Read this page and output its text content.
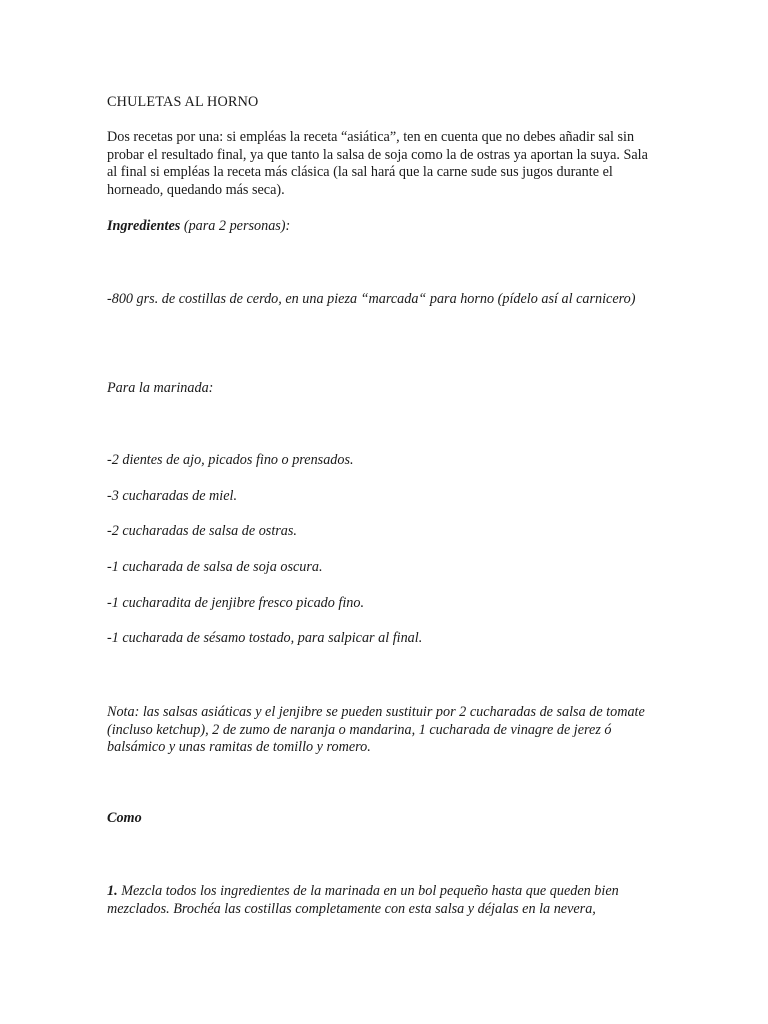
CHULETAS AL HORNO

Dos recetas por una: si empléas la receta “asiática”, ten en cuenta que no debes añadir sal sin probar el resultado final, ya que tanto la salsa de soja como la de ostras ya aportan la suya. Sala al final si empléas la receta más clásica (la sal hará que la carne sude sus jugos durante el horneado, quedando más seca).

Ingredientes (para 2 personas):

-800 grs. de costillas de cerdo, en una pieza “marcada“ para horno (pídelo así al carnicero)

Para la marinada:

-2 dientes de ajo, picados fino o prensados.
-3 cucharadas de miel.
-2 cucharadas de salsa de ostras.
-1 cucharada de salsa de soja oscura.
-1 cucharadita de jenjibre fresco picado fino.
-1 cucharada de sésamo tostado, para salpicar al final.

Nota: las salsas asiáticas y el jenjibre se pueden sustituir por 2 cucharadas de salsa de tomate (incluso ketchup), 2 de zumo de naranja o mandarina, 1 cucharada de vinagre de jerez ó balsámico y unas ramitas de tomillo y romero.

Como

1. Mezcla todos los ingredientes de la marinada en un bol pequeño hasta que queden bien mezclados. Brochéa las costillas completamente con esta salsa y déjalas en la nevera,
